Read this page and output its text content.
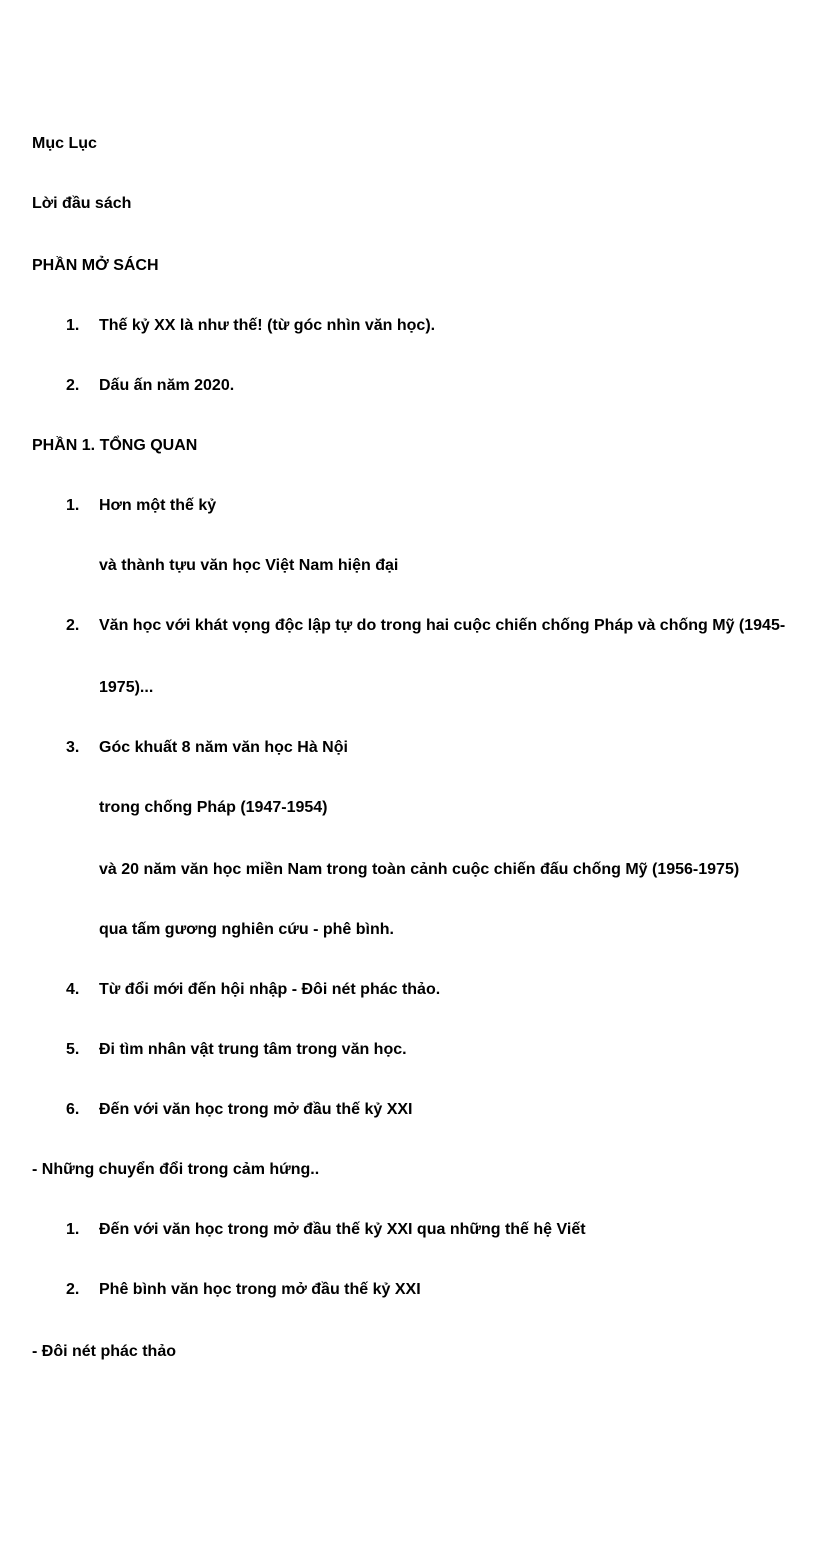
Mục Lục
Lời đầu sách
PHẦN MỞ SÁCH
1. Thế kỷ XX là như thế! (từ góc nhìn văn học).
2. Dấu ấn năm 2020.
PHẦN 1. TỔNG QUAN
1. Hơn một thế kỷ
và thành tựu văn học Việt Nam hiện đại
2. Văn học với khát vọng độc lập tự do trong hai cuộc chiến chống Pháp và chống Mỹ (1945-
1975)...
3. Góc khuất 8 năm văn học Hà Nội
trong chống Pháp (1947-1954)
và 20 năm văn học miền Nam trong toàn cảnh cuộc chiến đấu chống Mỹ (1956-1975)
qua tấm gương nghiên cứu - phê bình.
4. Từ đổi mới đến hội nhập - Đôi nét phác thảo.
5. Đi tìm nhân vật trung tâm trong văn học.
6. Đến với văn học trong mở đầu thế kỷ XXI
- Những chuyển đổi trong cảm hứng..
1. Đến với văn học trong mở đầu thế kỷ XXI qua những thế hệ Viết
2. Phê bình văn học trong mở đầu thế kỷ XXI
- Đôi nét phác thảo
